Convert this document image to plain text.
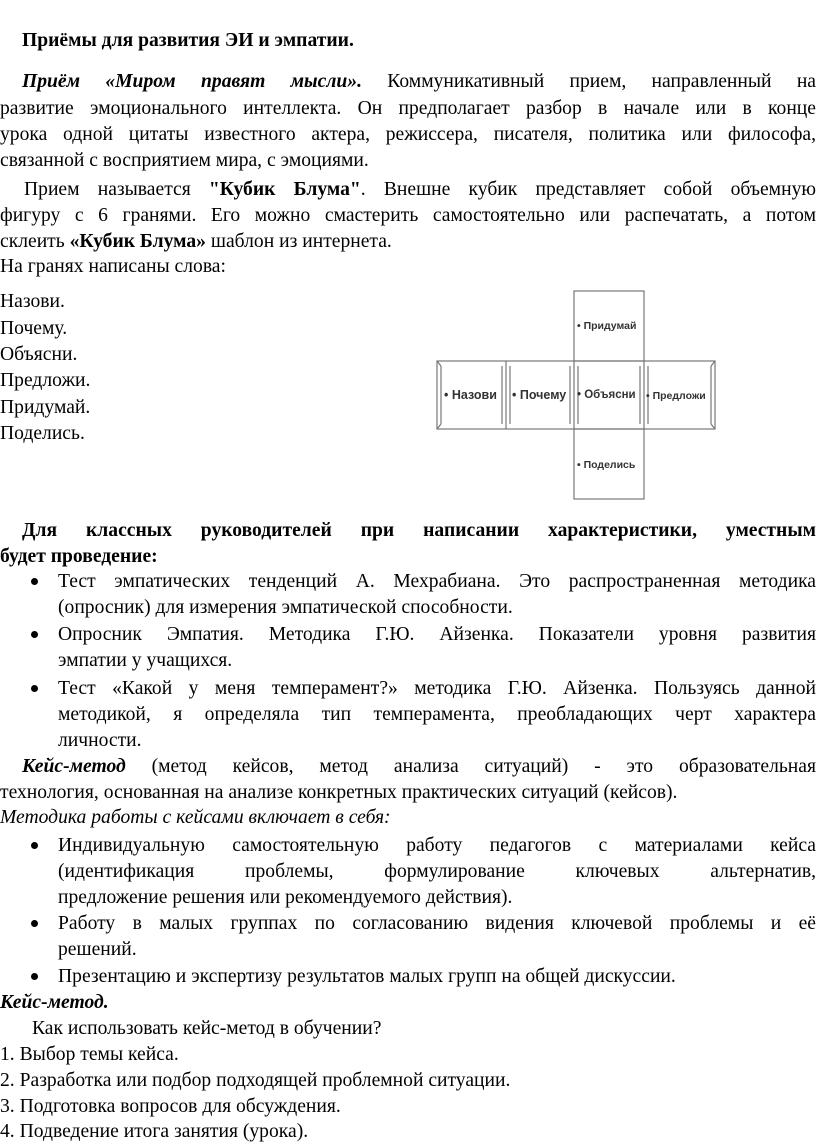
Приёмы для развития ЭИ и эмпатии.
Приём «Миром правят мысли». Коммуникативный прием, направленный на
развитие эмоционального интеллекта. Он предполагает разбор в начале или в конце
урока одной цитаты известного актера, режиссера, писателя, политика или философа,
связанной с восприятием мира, с эмоциями.
Прием называется "Кубик Блума". Внешне кубик представляет собой объемную
фигуру с 6 гранями. Его можно смастерить самостоятельно или распечатать, а потом
склеить «Кубик Блума» шаблон из интернета.
На гранях написаны слова:
Назови.
Почему.
Объясни.
Предложи.
Придумай.
Поделись.
• Придумай
• Назови • Почему • Объясни • Предложи
• Поделись
Для классных руководителей при написании характеристики, уместным
будет проведение:
Тест эмпатических тенденций А. Мехрабиана. Это распространенная методика
(опросник) для измерения эмпатической способности.
Опросник Эмпатия. Методика Г.Ю. Айзенка. Показатели уровня развития
эмпатии у учащихся.
Тест «Какой у меня темперамент?» методика Г.Ю. Айзенка. Пользуясь данной
методикой, я определяла тип темперамента, преобладающих черт характера
личности.
Кейс-метод (метод кейсов, метод анализа ситуаций) - это образовательная
технология, основанная на анализе конкретных практических ситуаций (кейсов).
Методика работы с кейсами включает в себя:
Индивидуальную самостоятельную работу педагогов с материалами кейса
(идентификация проблемы, формулирование ключевых альтернатив,
предложение решения или рекомендуемого действия).
Работу в малых группах по согласованию видения ключевой проблемы и её
решений.
Презентацию и экспертизу результатов малых групп на общей дискуссии.
Кейс-метод.
Как использовать кейс-метод в обучении?
1. Выбор темы кейса.
2. Разработка или подбор подходящей проблемной ситуации.
3. Подготовка вопросов для обсуждения.
4. Подведение итога занятия (урока).
